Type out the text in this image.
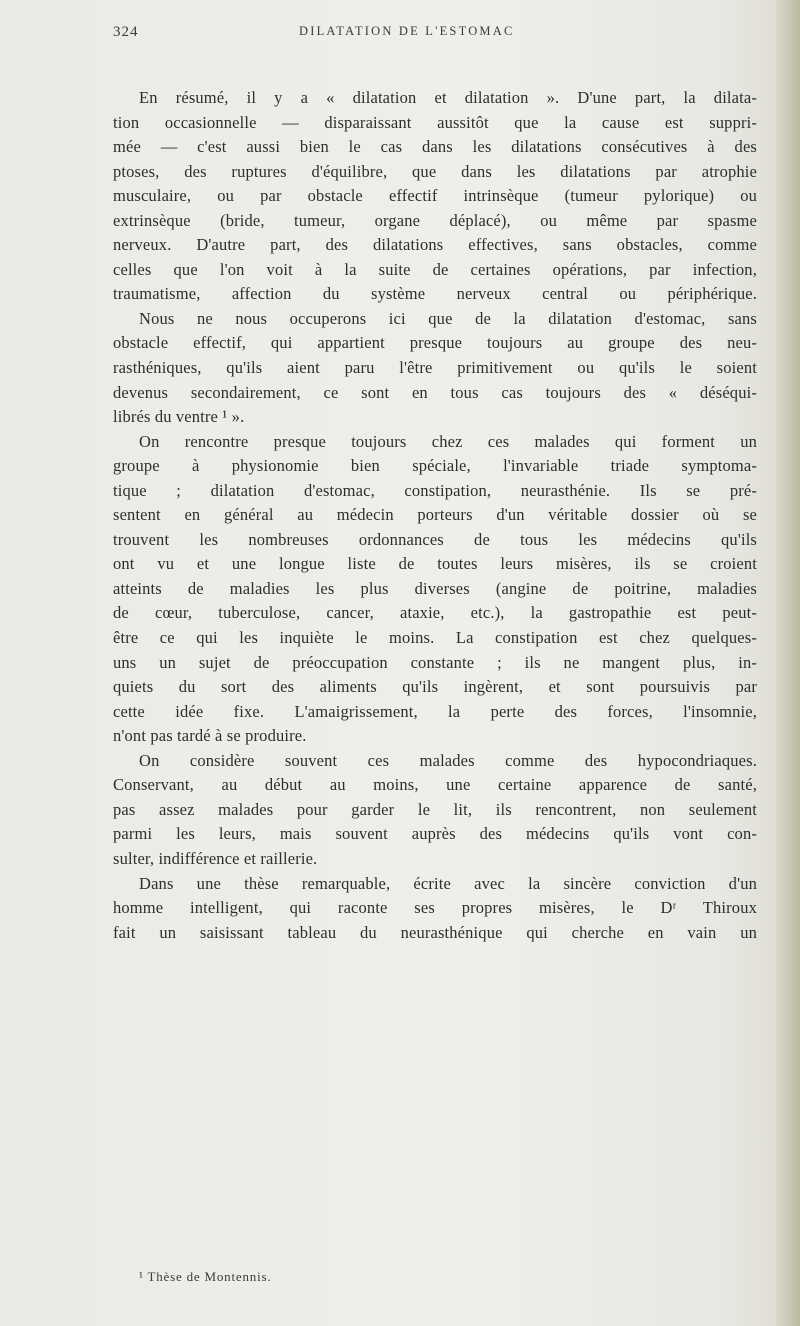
324	DILATATION DE L'ESTOMAC
En résumé, il y a « dilatation et dilatation ». D'une part, la dilata-
tion occasionnelle — disparaissant aussitôt que la cause est suppri-
mée — c'est aussi bien le cas dans les dilatations consécutives à des
ptoses, des ruptures d'équilibre, que dans les dilatations par atrophie
musculaire, ou par obstacle effectif intrinsèque (tumeur pylorique) ou
extrinsèque (bride, tumeur, organe déplacé), ou même par spasme
nerveux. D'autre part, des dilatations effectives, sans obstacles, comme
celles que l'on voit à la suite de certaines opérations, par infection,
traumatisme, affection du système nerveux central ou périphérique.
Nous ne nous occuperons ici que de la dilatation d'estomac, sans
obstacle effectif, qui appartient presque toujours au groupe des neu-
rasthéniques, qu'ils aient paru l'être primitivement ou qu'ils le soient
devenus secondairement, ce sont en tous cas toujours des « déséqui-
librés du ventre ¹ ».
On rencontre presque toujours chez ces malades qui forment un
groupe à physionomie bien spéciale, l'invariable triade symptoma-
tique ; dilatation d'estomac, constipation, neurasthénie. Ils se pré-
sentent en général au médecin porteurs d'un véritable dossier où se
trouvent les nombreuses ordonnances de tous les médecins qu'ils
ont vu et une longue liste de toutes leurs misères, ils se croient
atteints de maladies les plus diverses (angine de poitrine, maladies
de cœur, tuberculose, cancer, ataxie, etc.), la gastropathie est peut-
être ce qui les inquiète le moins. La constipation est chez quelques-
uns un sujet de préoccupation constante ; ils ne mangent plus, in-
quiets du sort des aliments qu'ils ingèrent, et sont poursuivis par
cette idée fixe. L'amaigrissement, la perte des forces, l'insomnie,
n'ont pas tardé à se produire.
On considère souvent ces malades comme des hypocondriaques.
Conservant, au début au moins, une certaine apparence de santé,
pas assez malades pour garder le lit, ils rencontrent, non seulement
parmi les leurs, mais souvent auprès des médecins qu'ils vont con-
sulter, indifférence et raillerie.
Dans une thèse remarquable, écrite avec la sincère conviction d'un
homme intelligent, qui raconte ses propres misères, le Dʳ Thiroux
fait un saisissant tableau du neurasthénique qui cherche en vain un
¹ Thèse de Montennis.
